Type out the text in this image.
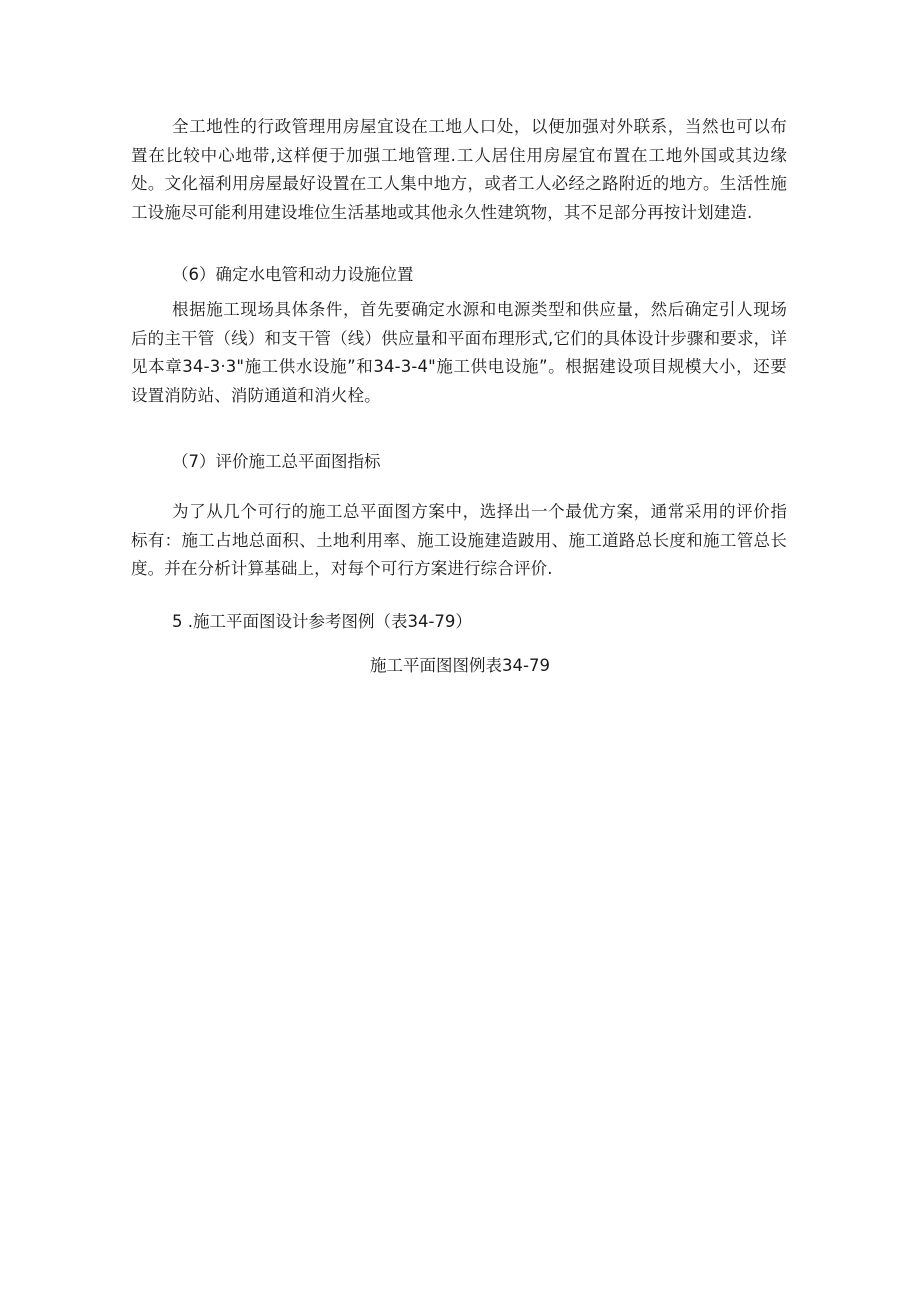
全工地性的行政管理用房屋宜设在工地人口处，以便加强对外联系，当然也可以布置在比较中心地带,这样便于加强工地管理.工人居住用房屋宜布置在工地外国或其边缘处。文化福利用房屋最好设置在工人集中地方，或者工人必经之路附近的地方。生活性施工设施尽可能利用建设堆位生活基地或其他永久性建筑物，其不足部分再按计划建造.

（6）确定水电管和动力设施位置

根据施工现场具体条件，首先要确定水源和电源类型和供应量，然后确定引人现场后的主干管（线）和支干管（线）供应量和平面布理形式,它们的具体设计步骤和要求，详见本章34-3·3"施工供水设施”和34-3-4"施工供电设施”。根据建设项目规模大小，还要设置消防站、消防通道和消火栓。

（7）评价施工总平面图指标

为了从几个可行的施工总平面图方案中，选择出一个最优方案，通常采用的评价指标有：施工占地总面积、土地利用率、施工设施建造跛用、施工道路总长度和施工管总长度。并在分析计算基础上，对每个可行方案进行综合评价.

5 .施工平面图设计参考图例（表34-79）

施工平面图图例表34-79
